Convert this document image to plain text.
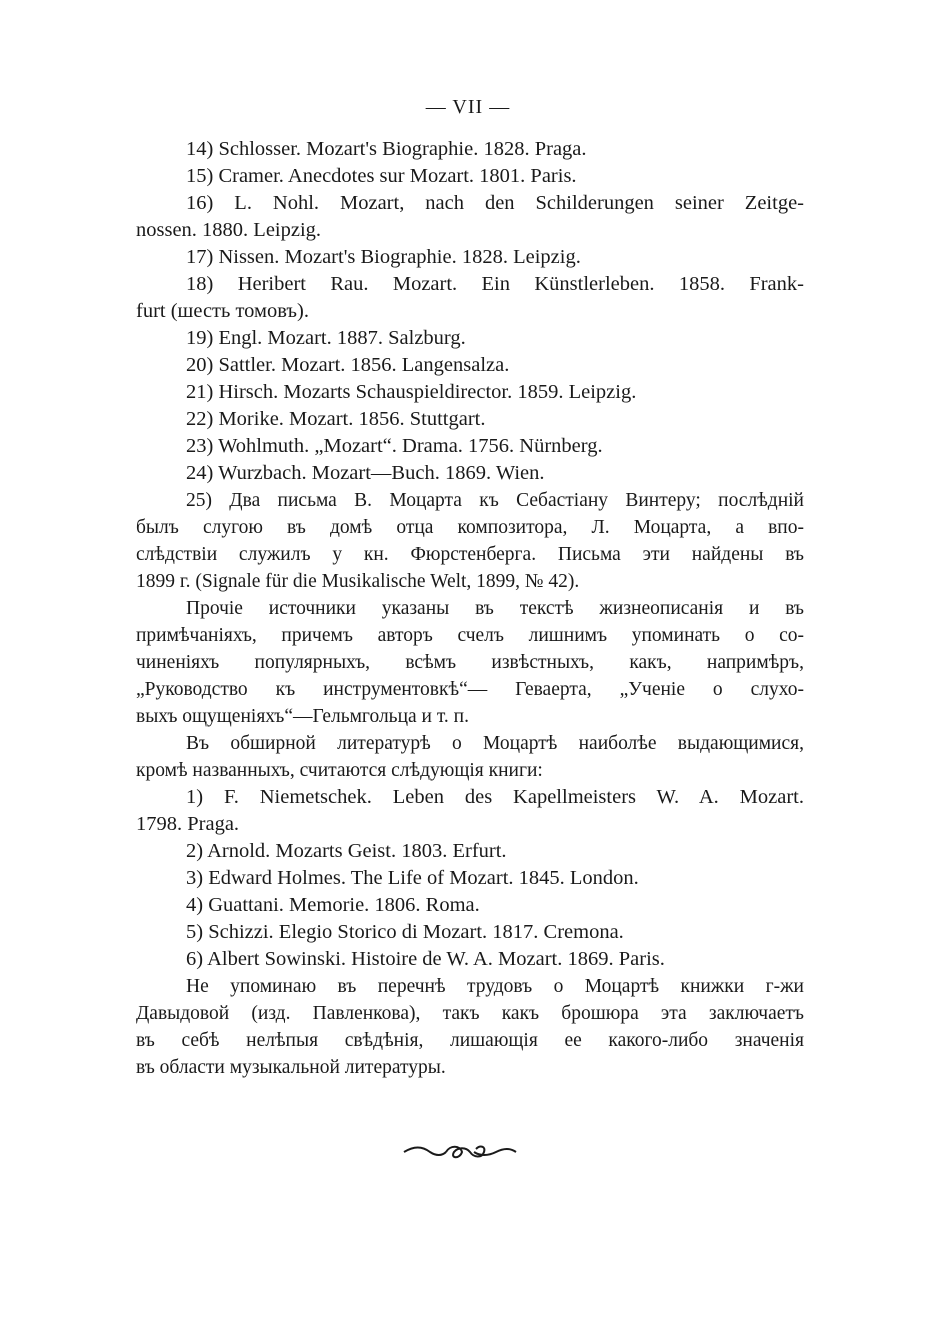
— VII —
14) Schlosser. Mozart's Biographie. 1828. Praga.
15) Cramer. Anecdotes sur Mozart. 1801. Paris.
16) L. Nohl. Mozart, nach den Schilderungen seiner Zeitge-
nossen. 1880. Leipzig.
17) Nissen. Mozart's Biographie. 1828. Leipzig.
18) Heribert Rau. Mozart. Ein Künstlerleben. 1858. Frank-
furt (шесть томовъ).
19) Engl. Mozart. 1887. Salzburg.
20) Sattler. Mozart. 1856. Langensalza.
21) Hirsch. Mozarts Schauspieldirector. 1859. Leipzig.
22) Morike. Mozart. 1856. Stuttgart.
23) Wohlmuth. „Mozart“. Drama. 1756. Nürnberg.
24) Wurzbach. Mozart—Buch. 1869. Wien.
25) Два письма В. Моцарта къ Себастіану Винтеру; послѣдній
былъ слугою въ домѣ отца композитора, Л. Моцарта, а впо-
слѣдствіи служилъ у кн. Фюрстенберга. Письма эти найдены въ
1899 г. (Signale für die Musikalische Welt, 1899, № 42).
Прочіе источники указаны въ текстѣ жизнеописанія и въ
примѣчаніяхъ, причемъ авторъ счелъ лишнимъ упоминать о со-
чиненіяхъ популярныхъ, всѣмъ извѣстныхъ, какъ, напримѣръ,
„Руководство къ инструментовкѣ“— Геваерта, „Ученіе о слухо-
выхъ ощущеніяхъ“—Гельмгольца и т. п.
Въ обширной литературѣ о Моцартѣ наиболѣе выдающимися,
кромѣ названныхъ, считаются слѣдующія книги:
1) F. Niemetschek. Leben des Kapellmeisters W. A. Mozart.
1798. Praga.
2) Arnold. Mozarts Geist. 1803. Erfurt.
3) Edward Holmes. The Life of Mozart. 1845. London.
4) Guattani. Memorie. 1806. Roma.
5) Schizzi. Elegio Storico di Mozart. 1817. Cremona.
6) Albert Sowinski. Histoire de W. A. Mozart. 1869. Paris.
Не упоминаю въ перечнѣ трудовъ о Моцартѣ книжки г-жи
Давыдовой (изд. Павленкова), такъ какъ брошюра эта заключаетъ
въ себѣ нелѣпыя свѣдѣнія, лишающія ее какого-либо значенія
въ области музыкальной литературы.
